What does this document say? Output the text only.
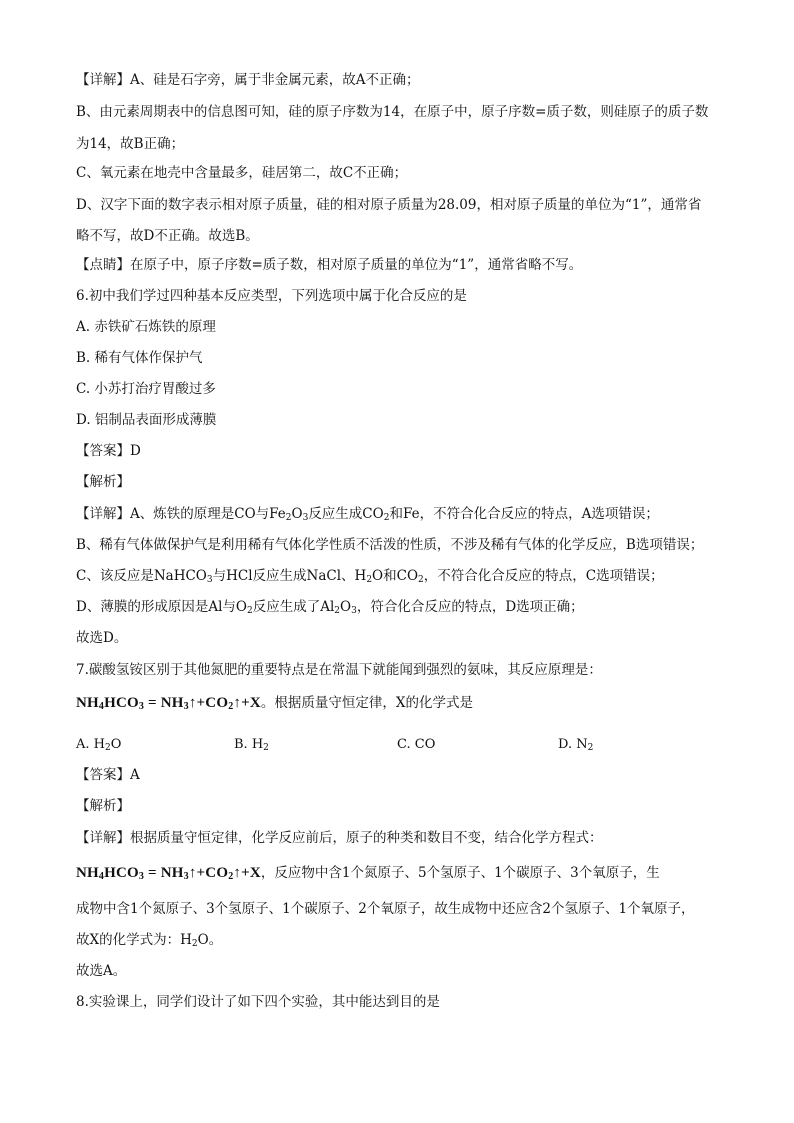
【详解】A、硅是石字旁，属于非金属元素，故A不正确；
B、由元素周期表中的信息图可知，硅的原子序数为14，在原子中，原子序数=质子数，则硅原子的质子数
为14，故B正确；
C、氧元素在地壳中含量最多，硅居第二，故C不正确；
D、汉字下面的数字表示相对原子质量，硅的相对原子质量为28.09，相对原子质量的单位为“1”，通常省
略不写，故D不正确。故选B。
【点睛】在原子中，原子序数=质子数，相对原子质量的单位为“1”，通常省略不写。
6.初中我们学过四种基本反应类型，下列选项中属于化合反应的是
A. 赤铁矿石炼铁的原理
B. 稀有气体作保护气
C. 小苏打治疗胃酸过多
D. 铝制品表面形成薄膜
【答案】D
【解析】
【详解】A、炼铁的原理是CO与$Fe_2O_3$反应生成$CO_2$和Fe，不符合化合反应的特点，A选项错误；
B、稀有气体做保护气是利用稀有气体化学性质不活泼的性质，不涉及稀有气体的化学反应，B选项错误；
C、该反应是NaHCO$_3$与HCl反应生成NaCl、$H_2O$和$CO_2$，不符合化合反应的特点，C选项错误；
D、薄膜的形成原因是Al与$O_2$反应生成了$Al_2O_3$，符合化合反应的特点，D选项正确；
故选D。
7.碳酸氢铵区别于其他氮肥的重要特点是在常温下就能闻到强烈的氨味，其反应原理是：
$NH_4HCO_3$ = $NH_3↑+CO_2↑+X$。根据质量守恒定律，X的化学式是
A. $H_2O$	B. $H_2$	C. CO	D. $N_2$
【答案】A
【解析】
【详解】根据质量守恒定律，化学反应前后，原子的种类和数目不变，结合化学方程式：
$NH_4HCO_3$ = $NH_3↑+CO_2↑+X$，反应物中含1个氮原子、5个氢原子、1个碳原子、3个氧原子，生
成物中含1个氮原子、3个氢原子、1个碳原子、2个氧原子，故生成物中还应含2个氢原子、1个氧原子，
故X的化学式为：$H_2O$。
故选A。
8.实验课上，同学们设计了如下四个实验，其中能达到目的是
